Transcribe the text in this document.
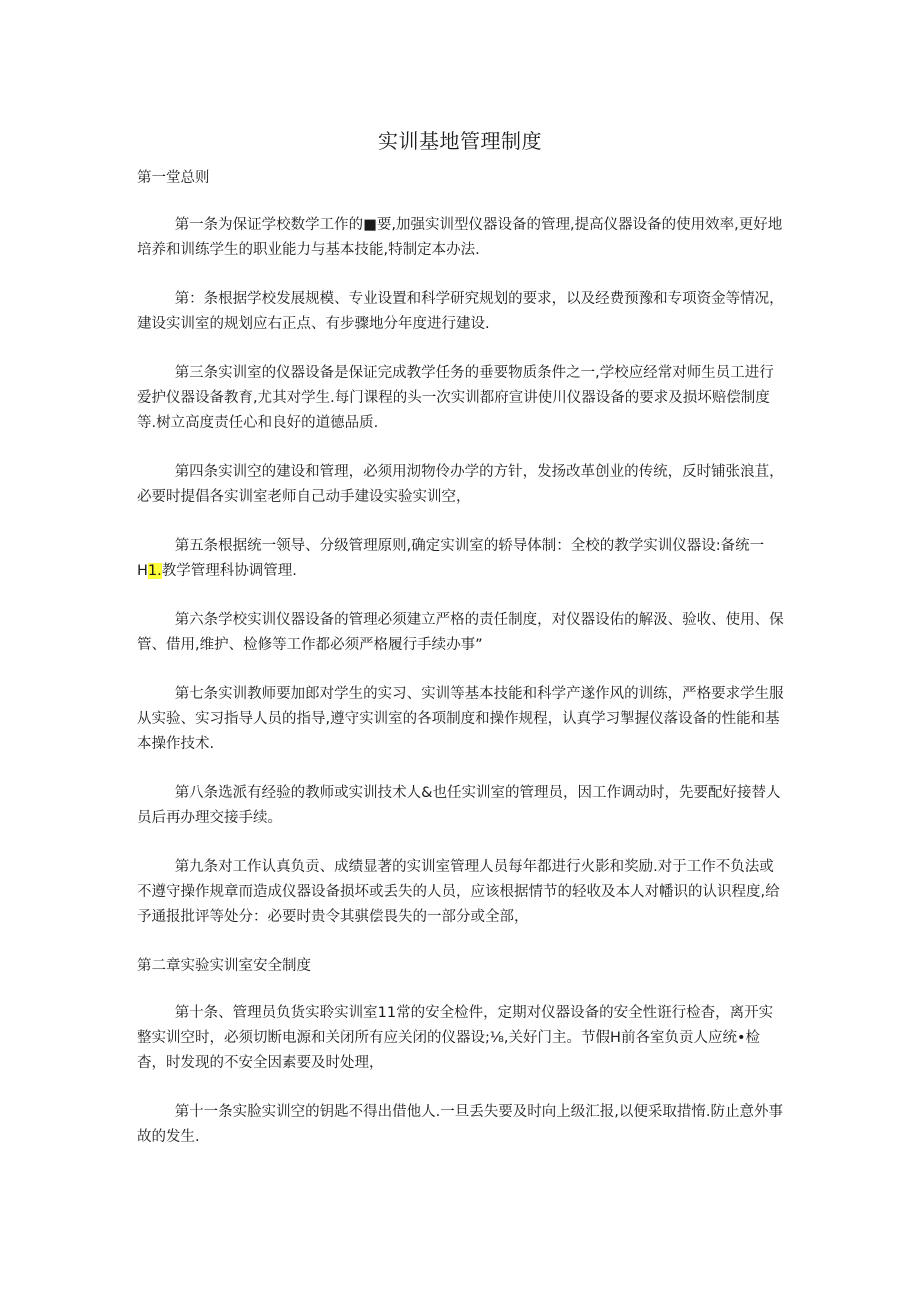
实训基地管理制度
第一堂总则

第一条为保证学校数学工作的■要,加强实训型仪器设备的管理,提高仪器设备的使用效率,更好地培养和训练学生的职业能力与基本技能,特制定本办法.

第：条根据学校发展规模、专业设置和科学研究规划的要求，以及经费预豫和专项资金等情况，建设实训室的规划应右正点、有步骤地分年度进行建设.

第三条实训室的仪器设备是保证完成教学任务的垂要物质条件之一,学校应经常对师生员工进行爱护仪器设备教育,尤其对学生.每门课程的头一次实训都府宣讲使川仪器设备的要求及损坏赔偿制度等.树立高度责任心和良好的道德品质.

第四条实训空的建设和管理，必须用沏物伶办学的方针，发扬改革创业的传统，反时铺张浪苴，必要时提倡各实训室老师自己动手建设实验实训空，

第五条根据统一领导、分级管理原则,确定实训室的轿导体制：全校的教学实训仪器设:备统一H1.教学管理科协调管理.

第六条学校实训仪器设备的管理必须建立严格的责任制度，对仪器设佑的解汲、验收、使用、保管、借用,维护、检修等工作都必须严格履行手续办事”

第七条实训教师要加郎对学生的实习、实训等基本技能和科学产遂作风的训练，严格要求学生服从实验、实习指导人员的指导,遵守实训室的各项制度和操作规程，认真学习掣握仪落设备的性能和基本操作技术.

第八条选派有经验的教师或实训技术人&也任实训室的管理员，因工作调动时，先要配好接替人员后再办理交接手续。

第九条对工作认真负贡、成绩显著的实训室管理人员每年都进行火影和奖励.对于工作不负法或不遵守操作规章而造成仪器设备损坏或丢失的人员，应该根据情节的轻收及本人对幡识的认识程度,给予通报批评等处分：必要时贵令其骐偿畏失的一部分或全部，

第二章实验实训室安全制度

第十条、管理员负货实聆实训室11常的安全检件，定期对仪器设备的安全性诳行检杳，离开实整实训空时，必须切断电源和关闭所有应关闭的仪器设;⅛,关好门主。节假H前各室负贡人应统•检杳，时发现的不安全因素要及时处理，

第十一条实脸实训空的钥匙不得出借他人.一旦丢失要及时向上级汇报,以便采取措惰.防止意外事故的发生.
